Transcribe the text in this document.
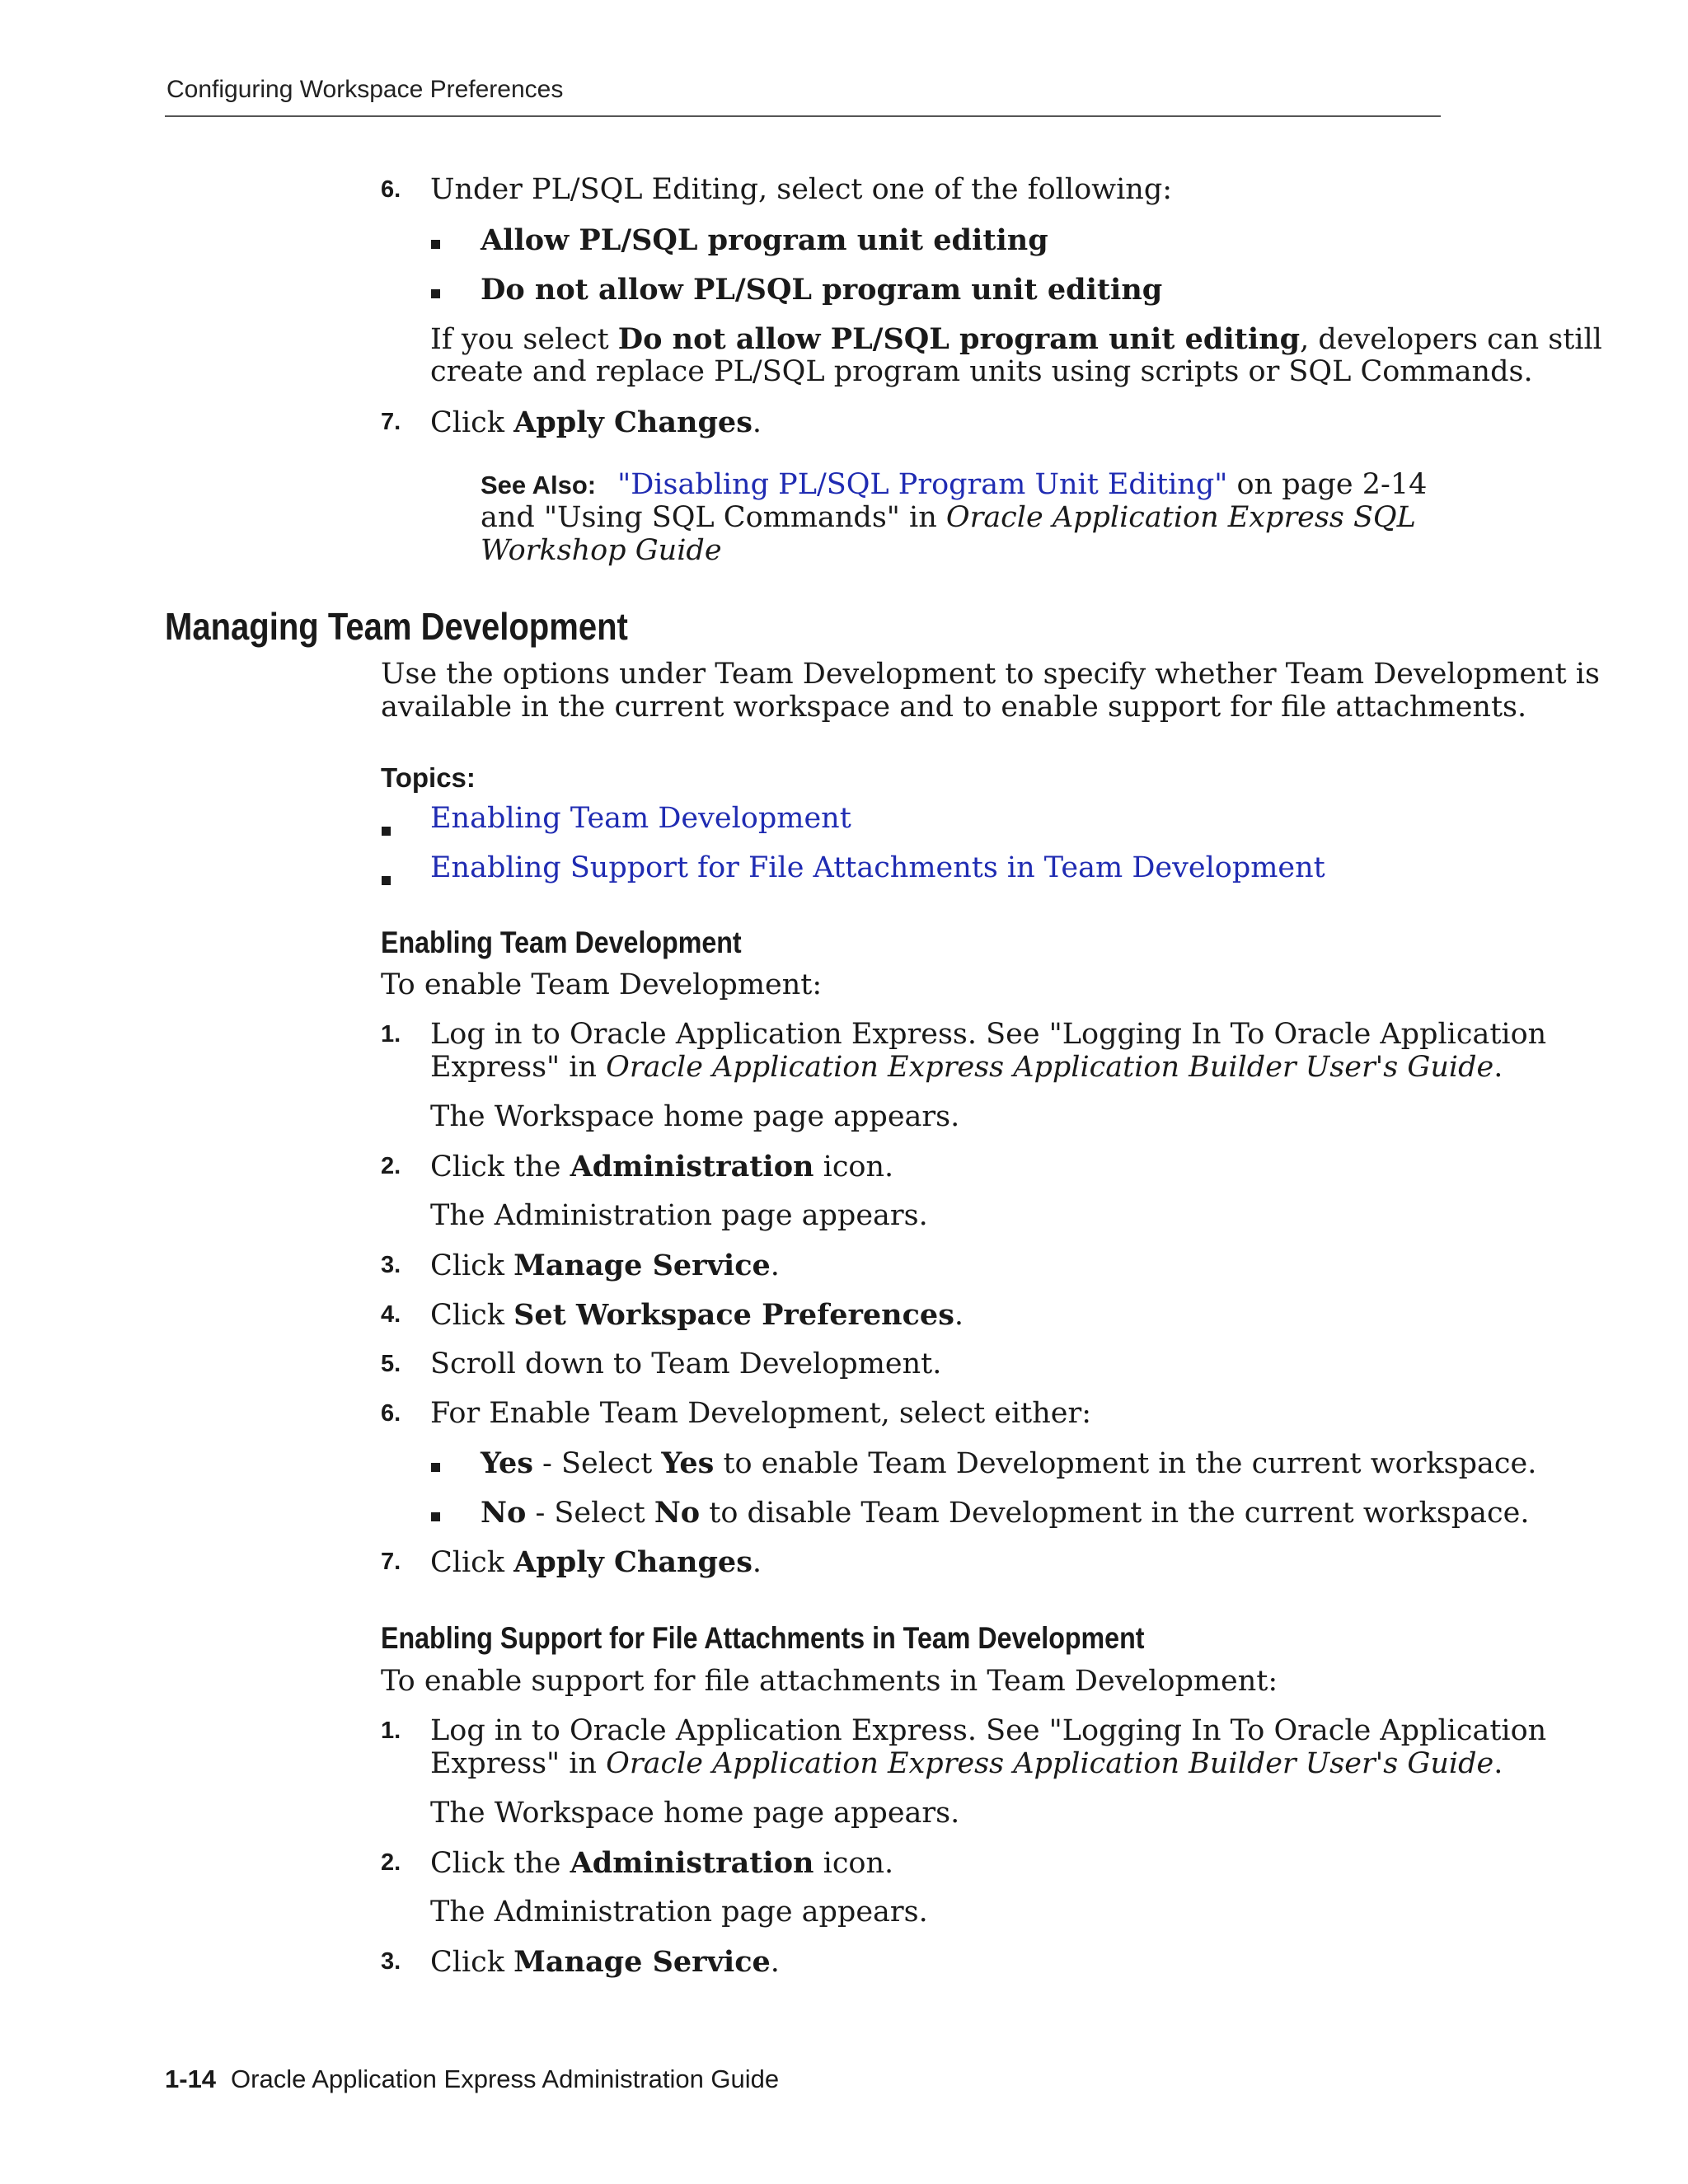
Configuring Workspace Preferences
6. Under PL/SQL Editing, select one of the following:
Allow PL/SQL program unit editing
Do not allow PL/SQL program unit editing
If you select Do not allow PL/SQL program unit editing, developers can still
create and replace PL/SQL program units using scripts or SQL Commands.
7. Click Apply Changes.
See Also: "Disabling PL/SQL Program Unit Editing" on page 2-14
and "Using SQL Commands" in Oracle Application Express SQL
Workshop Guide
Managing Team Development
Use the options under Team Development to specify whether Team Development is
available in the current workspace and to enable support for file attachments.
Topics:
Enabling Team Development
Enabling Support for File Attachments in Team Development
Enabling Team Development
To enable Team Development:
1. Log in to Oracle Application Express. See "Logging In To Oracle Application
Express" in Oracle Application Express Application Builder User's Guide.
The Workspace home page appears.
2. Click the Administration icon.
The Administration page appears.
3. Click Manage Service.
4. Click Set Workspace Preferences.
5. Scroll down to Team Development.
6. For Enable Team Development, select either:
Yes - Select Yes to enable Team Development in the current workspace.
No - Select No to disable Team Development in the current workspace.
7. Click Apply Changes.
Enabling Support for File Attachments in Team Development
To enable support for file attachments in Team Development:
1. Log in to Oracle Application Express. See "Logging In To Oracle Application
Express" in Oracle Application Express Application Builder User's Guide.
The Workspace home page appears.
2. Click the Administration icon.
The Administration page appears.
3. Click Manage Service.
1-14 Oracle Application Express Administration Guide
